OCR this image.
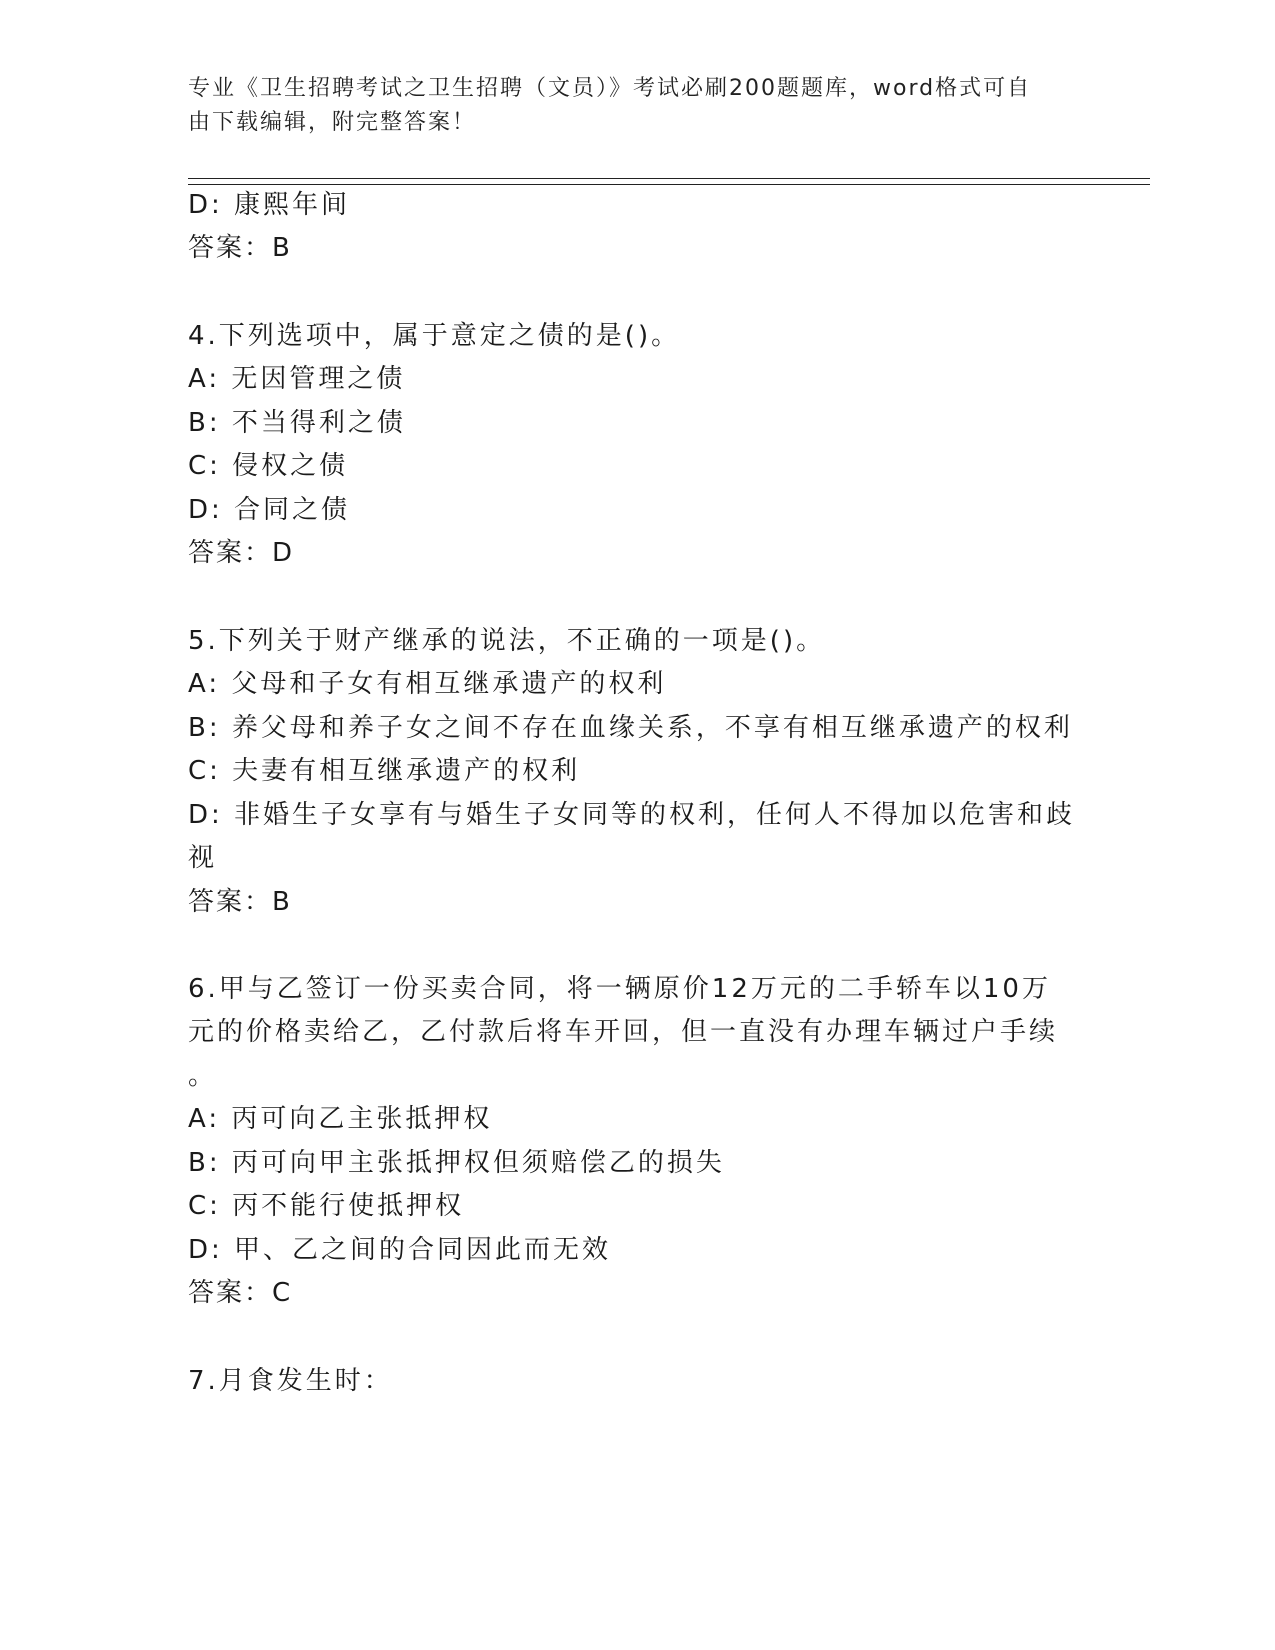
专业《卫生招聘考试之卫生招聘（文员）》考试必刷200题题库，word格式可自
由下载编辑，附完整答案！
D: 康熙年间
答案：B
4.下列选项中，属于意定之债的是()。
A: 无因管理之债
B: 不当得利之债
C: 侵权之债
D: 合同之债
答案：D
5.下列关于财产继承的说法，不正确的一项是()。
A: 父母和子女有相互继承遗产的权利
B: 养父母和养子女之间不存在血缘关系，不享有相互继承遗产的权利
C: 夫妻有相互继承遗产的权利
D: 非婚生子女享有与婚生子女同等的权利，任何人不得加以危害和歧
视
答案：B
6.甲与乙签订一份买卖合同，将一辆原价12万元的二手轿车以10万
元的价格卖给乙，乙付款后将车开回，但一直没有办理车辆过户手续
。
A: 丙可向乙主张抵押权
B: 丙可向甲主张抵押权但须赔偿乙的损失
C: 丙不能行使抵押权
D: 甲、乙之间的合同因此而无效
答案：C
7.月食发生时：
